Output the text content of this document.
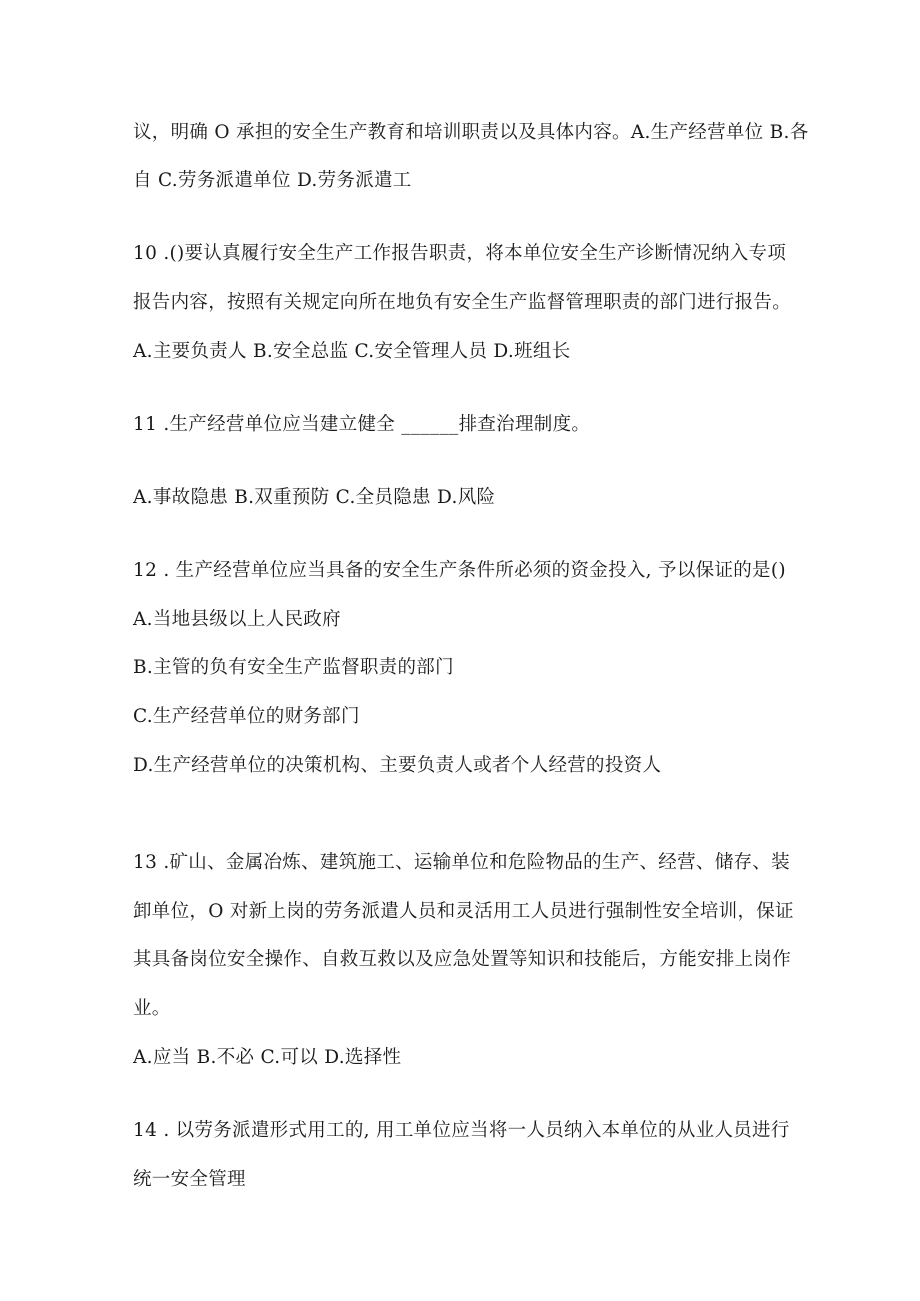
议，明确 O 承担的安全生产教育和培训职责以及具体内容。A.生产经营单位 B.各
自 C.劳务派遣单位 D.劳务派遣工
10 .()要认真履行安全生产工作报告职责，将本单位安全生产诊断情况纳入专项
报告内容，按照有关规定向所在地负有安全生产监督管理职责的部门进行报告。
A.主要负责人 B.安全总监 C.安全管理人员 D.班组长
11 .生产经营单位应当建立健全 ______排查治理制度。
A.事故隐患 B.双重预防 C.全员隐患 D.风险
12 . 生产经营单位应当具备的安全生产条件所必须的资金投入, 予以保证的是()
A.当地县级以上人民政府
B.主管的负有安全生产监督职责的部门
C.生产经营单位的财务部门
D.生产经营单位的决策机构、主要负责人或者个人经营的投资人
13 .矿山、金属冶炼、建筑施工、运输单位和危险物品的生产、经营、储存、装
卸单位，O 对新上岗的劳务派遣人员和灵活用工人员进行强制性安全培训，保证
其具备岗位安全操作、自救互救以及应急处置等知识和技能后，方能安排上岗作
业。
A.应当 B.不必 C.可以 D.选择性
14 . 以劳务派遣形式用工的, 用工单位应当将一人员纳入本单位的从业人员进行
统一安全管理
